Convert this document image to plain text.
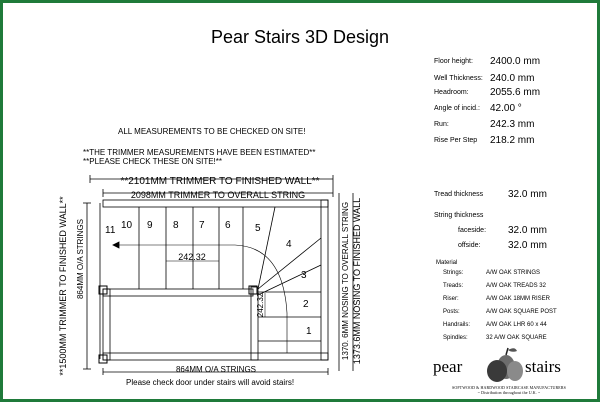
Pear Stairs 3D Design
Floor height: 2400.0 mm
Well Thickness: 240.0 mm
Headroom: 2055.6 mm
Angle of incid.: 42.00 °
Run:	242.3 mm
Rise Per Step 218.2 mm
Tread thickness 32.0 mm
String thickness
faceside: 32.0 mm
offside:	32.0 mm
Material
Strings:	A/W OAK STRINGS
Treads:	A/W OAK TREADS 32
Riser:	A/W OAK 18MM RISER
Posts:	A/W OAK SQUARE POST
Handrails:	A/W OAK LHR 60 x 44
Spindles:	32 A/W OAK SQUARE
pear	stairs
SOFTWOOD & HARDWOOD STAIRCASE MANUFACTURERS
~ Distribution throughout the U.K. ~
ALL MEASUREMENTS TO BE CHECKED ON SITE!
**THE TRIMMER MEASUREMENTS HAVE BEEN ESTIMATED**
**PLEASE CHECK THESE ON SITE!**
Please check door under stairs will avoid stairs!
**2101MM TRIMMER TO FINISHED WALL**
2098MM TRIMMER TO OVERALL STRING
242.32
864MM O/A STRINGS
**1500MM TRIMMER TO FINISHED WALL** 864MM O/A STRINGS	1373.6MM NOSING TO FINISHED WALL
1370. 6MM NOSING TO OVERALL STRING
242.32
1
2
3
4
5
6
7
8
9
10
11
